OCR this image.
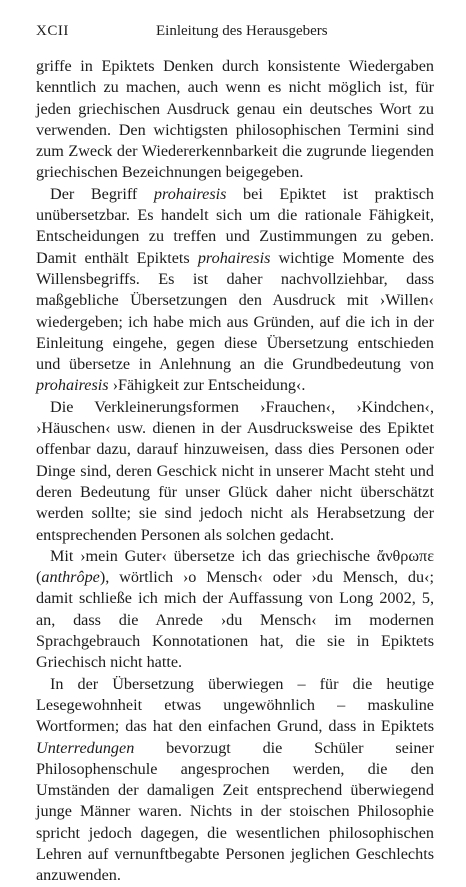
XCII	Einleitung des Herausgebers

griffe in Epiktets Denken durch konsistente Wiedergaben kenntlich zu machen, auch wenn es nicht möglich ist, für jeden griechischen Ausdruck genau ein deutsches Wort zu verwenden. Den wichtigsten philosophischen Termini sind zum Zweck der Wiedererkennbarkeit die zugrunde liegenden griechischen Bezeichnungen beigegeben.

Der Begriff prohairesis bei Epiktet ist praktisch unübersetzbar. Es handelt sich um die rationale Fähigkeit, Entscheidungen zu treffen und Zustimmungen zu geben. Damit enthält Epiktets prohairesis wichtige Momente des Willensbegriffs. Es ist daher nachvollziehbar, dass maßgebliche Übersetzungen den Ausdruck mit ›Willen‹ wiedergeben; ich habe mich aus Gründen, auf die ich in der Einleitung eingehe, gegen diese Übersetzung entschieden und übersetze in Anlehnung an die Grundbedeutung von prohairesis ›Fähigkeit zur Entscheidung‹.

Die Verkleinerungsformen ›Frauchen‹, ›Kindchen‹, ›Häuschen‹ usw. dienen in der Ausdrucksweise des Epiktet offenbar dazu, darauf hinzuweisen, dass dies Personen oder Dinge sind, deren Geschick nicht in unserer Macht steht und deren Bedeutung für unser Glück daher nicht überschätzt werden sollte; sie sind jedoch nicht als Herabsetzung der entsprechenden Personen als solchen gedacht.

Mit ›mein Guter‹ übersetze ich das griechische ἄνθρωπε (anthrôpe), wörtlich ›o Mensch‹ oder ›du Mensch, du‹; damit schließe ich mich der Auffassung von Long 2002, 5, an, dass die Anrede ›du Mensch‹ im modernen Sprachgebrauch Konnotationen hat, die sie in Epiktets Griechisch nicht hatte.

In der Übersetzung überwiegen – für die heutige Lesegewohnheit etwas ungewöhnlich – maskuline Wortformen; das hat den einfachen Grund, dass in Epiktets Unterredungen bevorzugt die Schüler seiner Philosophenschule angesprochen werden, die den Umständen der damaligen Zeit entsprechend überwiegend junge Männer waren. Nichts in der stoischen Philosophie spricht jedoch dagegen, die wesentlichen philosophischen Lehren auf vernunftbegabte Personen jeglichen Geschlechts anzuwenden.
